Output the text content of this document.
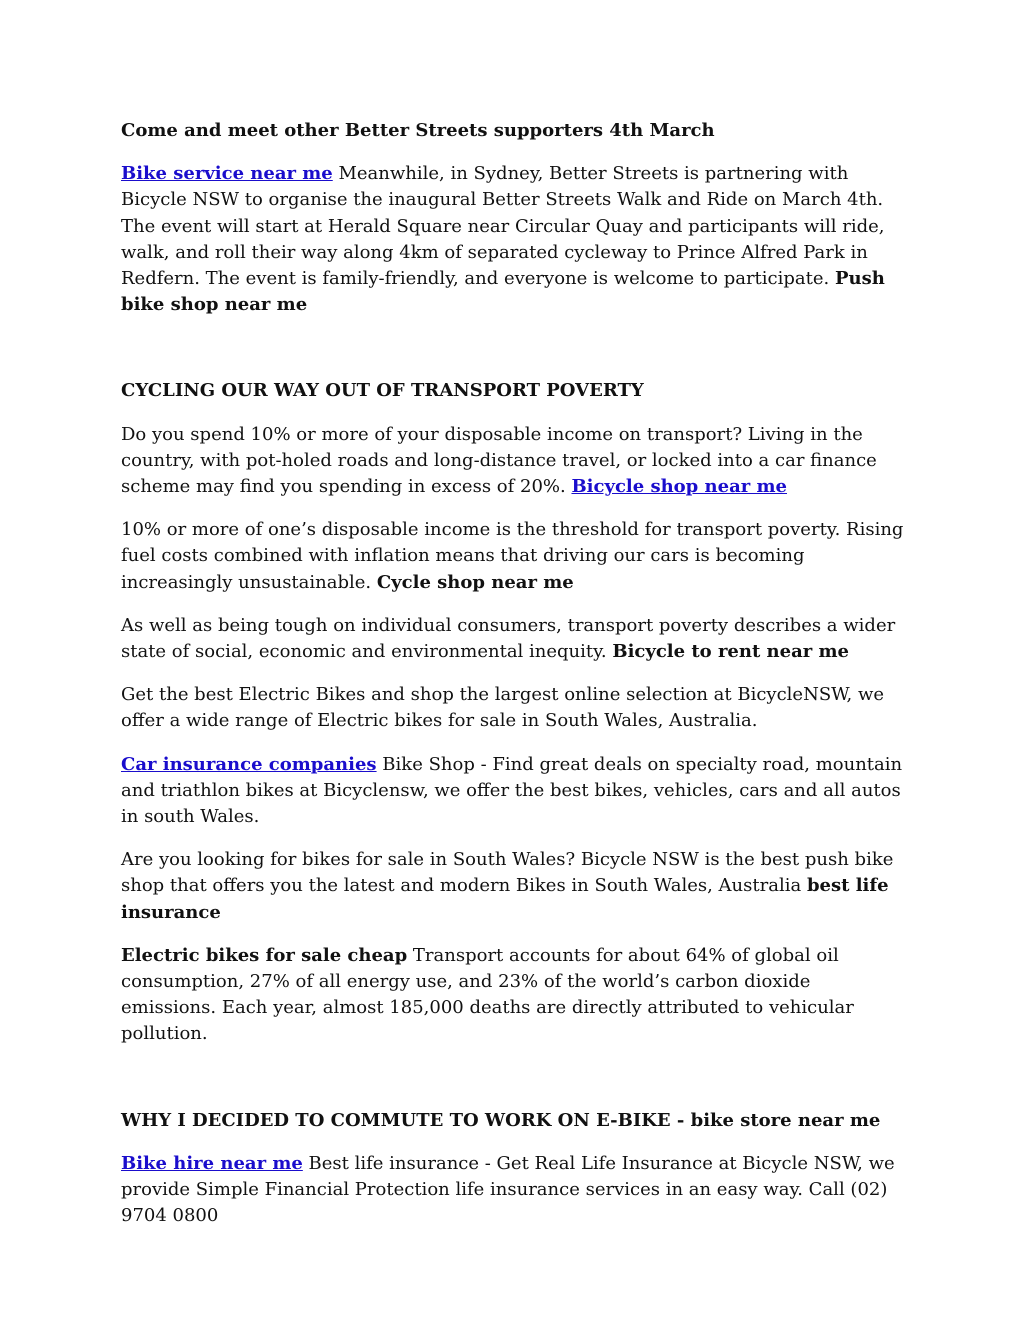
Come and meet other Better Streets supporters 4th March

Bike service near me Meanwhile, in Sydney, Better Streets is partnering with Bicycle NSW to organise the inaugural Better Streets Walk and Ride on March 4th. The event will start at Herald Square near Circular Quay and participants will ride, walk, and roll their way along 4km of separated cycleway to Prince Alfred Park in Redfern. The event is family-friendly, and everyone is welcome to participate. Push bike shop near me

CYCLING OUR WAY OUT OF TRANSPORT POVERTY

Do you spend 10% or more of your disposable income on transport? Living in the country, with pot-holed roads and long-distance travel, or locked into a car finance scheme may find you spending in excess of 20%. Bicycle shop near me

10% or more of one’s disposable income is the threshold for transport poverty. Rising fuel costs combined with inflation means that driving our cars is becoming increasingly unsustainable. Cycle shop near me

As well as being tough on individual consumers, transport poverty describes a wider state of social, economic and environmental inequity. Bicycle to rent near me

Get the best Electric Bikes and shop the largest online selection at BicycleNSW, we offer a wide range of Electric bikes for sale in South Wales, Australia.

Car insurance companies Bike Shop - Find great deals on specialty road, mountain and triathlon bikes at Bicyclensw, we offer the best bikes, vehicles, cars and all autos in south Wales.

Are you looking for bikes for sale in South Wales? Bicycle NSW is the best push bike shop that offers you the latest and modern Bikes in South Wales, Australia best life insurance

Electric bikes for sale cheap Transport accounts for about 64% of global oil consumption, 27% of all energy use, and 23% of the world’s carbon dioxide emissions. Each year, almost 185,000 deaths are directly attributed to vehicular pollution.

WHY I DECIDED TO COMMUTE TO WORK ON E-BIKE - bike store near me

Bike hire near me Best life insurance - Get Real Life Insurance at Bicycle NSW, we provide Simple Financial Protection life insurance services in an easy way. Call (02) 9704 0800
